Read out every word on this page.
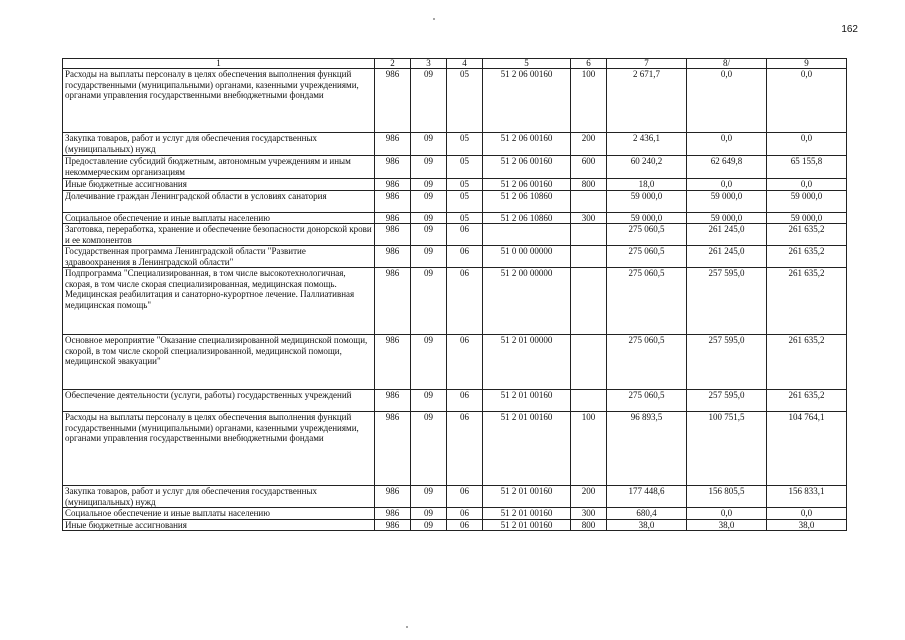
162
1	2	3	4	5	6	7	8/	9
Расходы на выплаты персоналу в целях обеспечения выполнения функций государственными (муниципальными) органами, казенными учреждениями, органами управления государственными внебюджетными фондами	986	09	05	51 2 06 00160	100	2 671,7	0,0	0,0
Закупка товаров, работ и услуг для обеспечения государственных (муниципальных) нужд	986	09	05	51 2 06 00160	200	2 436,1	0,0	0,0
Предоставление субсидий бюджетным, автономным учреждениям и иным некоммерческим организациям	986	09	05	51 2 06 00160	600	60 240,2	62 649,8	65 155,8
Иные бюджетные ассигнования	986	09	05	51 2 06 00160	800	18,0	0,0	0,0
Долечивание граждан Ленинградской области в условиях санатория	986	09	05	51 2 06 10860		59 000,0	59 000,0	59 000,0
Социальное обеспечение и иные выплаты населению	986	09	05	51 2 06 10860	300	59 000,0	59 000,0	59 000,0
Заготовка, переработка, хранение и обеспечение безопасности донорской крови и ее компонентов	986	09	06			275 060,5	261 245,0	261 635,2
Государственная программа Ленинградской области "Развитие здравоохранения в Ленинградской области"	986	09	06	51 0 00 00000		275 060,5	261 245,0	261 635,2
Подпрограмма "Специализированная, в том числе высокотехнологичная, скорая, в том числе скорая специализированная, медицинская помощь. Медицинская реабилитация и санаторно-курортное лечение. Паллиативная медицинская помощь"	986	09	06	51 2 00 00000		275 060,5	257 595,0	261 635,2
Основное мероприятие "Оказание специализированной медицинской помощи, скорой, в том числе скорой специализированной, медицинской помощи, медицинской эвакуации"	986	09	06	51 2 01 00000		275 060,5	257 595,0	261 635,2
Обеспечение деятельности (услуги, работы) государственных учреждений	986	09	06	51 2 01 00160		275 060,5	257 595,0	261 635,2
Расходы на выплаты персоналу в целях обеспечения выполнения функций государственными (муниципальными) органами, казенными учреждениями, органами управления государственными внебюджетными фондами	986	09	06	51 2 01 00160	100	96 893,5	100 751,5	104 764,1
Закупка товаров, работ и услуг для обеспечения государственных (муниципальных) нужд	986	09	06	51 2 01 00160	200	177 448,6	156 805,5	156 833,1
Социальное обеспечение и иные выплаты населению	986	09	06	51 2 01 00160	300	680,4	0,0	0,0
Иные бюджетные ассигнования	986	09	06	51 2 01 00160	800	38,0	38,0	38,0
